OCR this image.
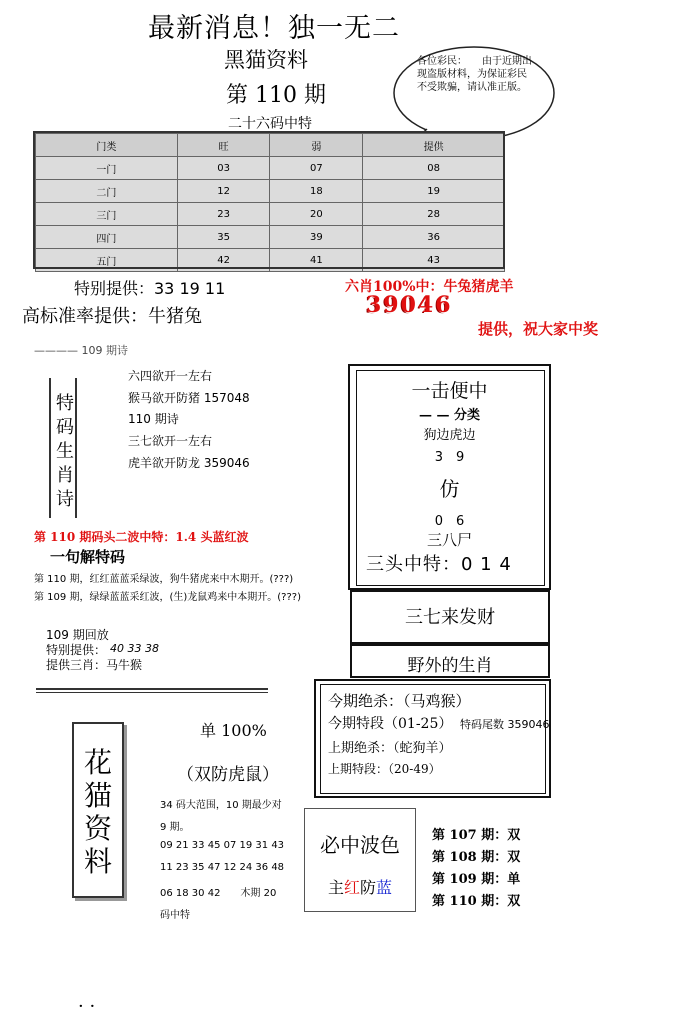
最新消息！独一无二
黑猫资料
第 110 期
二十六码中特
各位彩民：　　由于近期出现盗版材料，为保证彩民不受欺骗，请认准正版。
门类	旺	弱	提供
一门	03	07	08
二门	12	18	19
三门	23	20	28
四门	35	39	36
五门	42	41	43
特别提供：33 19 11
高标准率提供：牛猪兔
六肖100%中：牛兔猪虎羊
39046
提供，祝大家中奖
———— 109 期诗
特码生肖诗
六四欲开一左右
猴马欲开防猪 157048
110 期诗
三七欲开一左右
虎羊欲开防龙 359046
第 110 期码头二波中特：1.4 头蓝红波
一句解特码
第 110 期，红红蓝蓝采绿波，狗牛猪虎来中木期开。(???)
第 109 期，绿绿蓝蓝采红波，(生)龙鼠鸡来中本期开。(???)
109 期回放
特别提供： 40 33 38
提供三肖：马牛猴
一击便中
— — 分类
狗边虎边
3　9
仿
0　6
三八尸
三头中特：0 1 4
三七来发财
野外的生肖
今期绝杀：（马鸡猴）
今期特段（01-25） 特码尾数 359046
上期绝杀：（蛇狗羊）
上期特段：（20-49）
花猫资料
单 100%
（双防虎鼠）
34 码大范围，10 期最少对
9 期。
09 21 33 45 07 19 31 43
11 23 35 47 12 24 36 48
06 18 30 42　　木期 20
码中特
必中波色
主红防蓝
第 107 期：双
第 108 期：双
第 109 期：单
第 110 期：双
· ·
